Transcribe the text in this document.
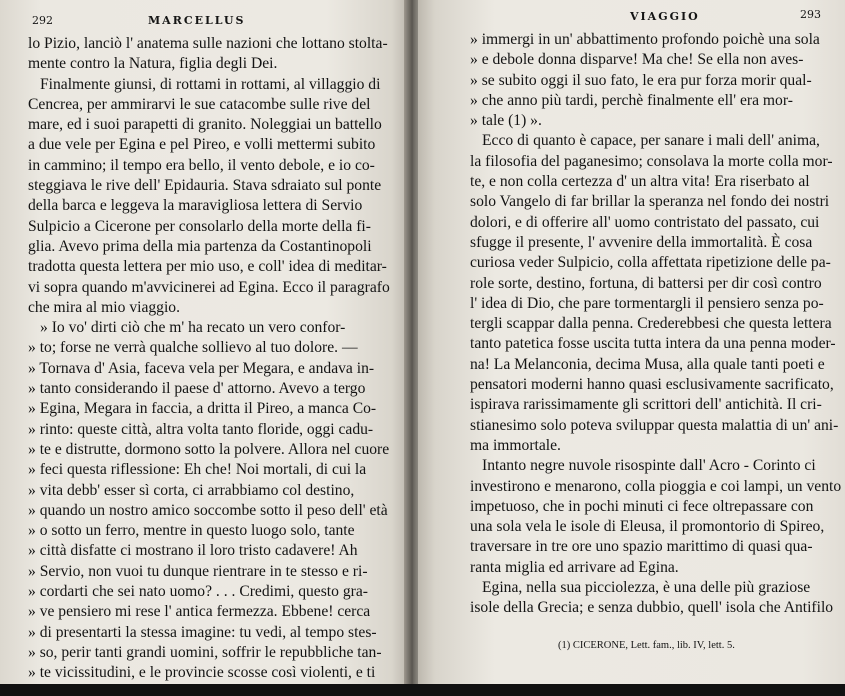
292	MARCELLUS
lo Pizio, lanciò l' anatema sulle nazioni che lottano stolta-
mente contro la Natura, figlia degli Dei.
Finalmente giunsi, di rottami in rottami, al villaggio di
Cencrea, per ammirarvi le sue catacombe sulle rive del
mare, ed i suoi parapetti di granito. Noleggiai un battello
a due vele per Egina e pel Pireo, e volli mettermi subito
in cammino; il tempo era bello, il vento debole, e io co-
steggiava le rive dell' Epidauria. Stava sdraiato sul ponte
della barca e leggeva la maravigliosa lettera di Servio
Sulpicio a Cicerone per consolarlo della morte della fi-
glia. Avevo prima della mia partenza da Costantinopoli
tradotta questa lettera per mio uso, e coll' idea di meditar-
vi sopra quando m'avvicinerei ad Egina. Ecco il paragrafo
che mira al mio viaggio.
» Io vo' dirti ciò che m' ha recato un vero confor-
» to; forse ne verrà qualche sollievo al tuo dolore. —
» Tornava d' Asia, faceva vela per Megara, e andava in-
» tanto considerando il paese d' attorno. Avevo a tergo
» Egina, Megara in faccia, a dritta il Pireo, a manca Co-
» rinto: queste città, altra volta tanto floride, oggi cadu-
» te e distrutte, dormono sotto la polvere. Allora nel cuore
» feci questa riflessione: Eh che! Noi mortali, di cui la
» vita debb' esser sì corta, ci arrabbiamo col destino,
» quando un nostro amico soccombe sotto il peso dell' età
» o sotto un ferro, mentre in questo luogo solo, tante
» città disfatte ci mostrano il loro tristo cadavere! Ah
» Servio, non vuoi tu dunque rientrare in te stesso e ri-
» cordarti che sei nato uomo? . . . Credimi, questo gra-
» ve pensiero mi rese l' antica fermezza. Ebbene! cerca
» di presentarti la stessa imagine: tu vedi, al tempo stes-
» so, perir tanti grandi uomini, soffrir le repubbliche tan-
» te vicissitudini, e le provincie scosse così violenti, e ti
VIAGGIO	293
» immergi in un' abbattimento profondo poichè una sola
» e debole donna disparve! Ma che! Se ella non aves-
» se subito oggi il suo fato, le era pur forza morir qual-
» che anno più tardi, perchè finalmente ell' era mor-
» tale (1) ».
Ecco di quanto è capace, per sanare i mali dell' anima,
la filosofia del paganesimo; consolava la morte colla mor-
te, e non colla certezza d' un altra vita! Era riserbato al
solo Vangelo di far brillar la speranza nel fondo dei nostri
dolori, e di offerire all' uomo contristato del passato, cui
sfugge il presente, l' avvenire della immortalità. È cosa
curiosa veder Sulpicio, colla affettata ripetizione delle pa-
role sorte, destino, fortuna, di battersi per dir così contro
l' idea di Dio, che pare tormentargli il pensiero senza po-
tergli scappar dalla penna. Crederebbesi che questa lettera
tanto patetica fosse uscita tutta intera da una penna moder-
na! La Melanconia, decima Musa, alla quale tanti poeti e
pensatori moderni hanno quasi esclusivamente sacrificato,
ispirava rarissimamente gli scrittori dell' antichità. Il cri-
stianesimo solo poteva sviluppar questa malattia di un' ani-
ma immortale.
Intanto negre nuvole risospinte dall' Acro - Corinto ci
investirono e menarono, colla pioggia e coi lampi, un vento
impetuoso, che in pochi minuti ci fece oltrepassare con
una sola vela le isole di Eleusa, il promontorio di Spireo,
traversare in tre ore uno spazio marittimo di quasi qua-
ranta miglia ed arrivare ad Egina.
Egina, nella sua picciolezza, è una delle più graziose
isole della Grecia; e senza dubbio, quell' isola che Antifilo
(1) CICERONE, Lett. fam., lib. IV, lett. 5.
